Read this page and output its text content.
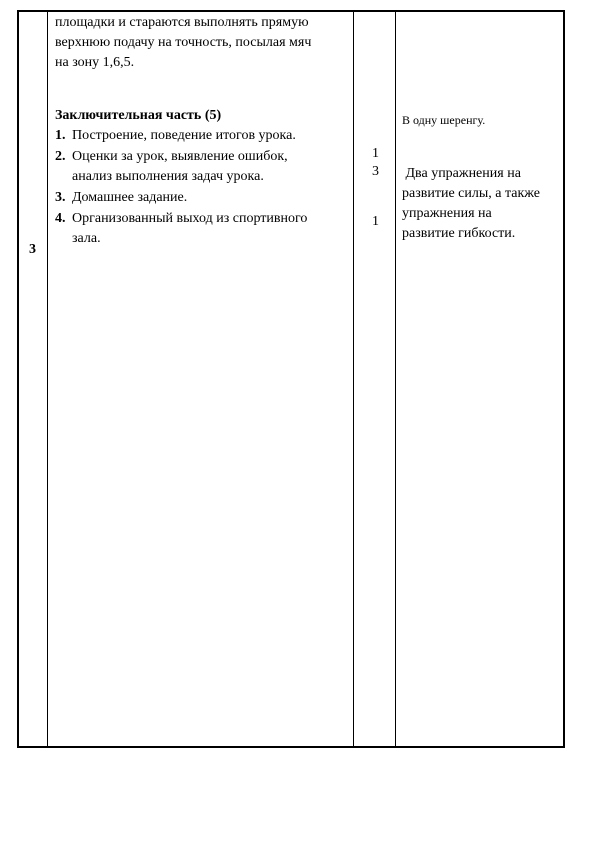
3
площадки и стараются выполнять прямую
верхнюю подачу на точность, посылая мяч
на зону 1,6,5.
Заключительная часть (5)
1. Построение, поведение итогов урока.
2. Оценки за урок, выявление ошибок,
анализ выполнения задач урока.
3. Домашнее задание.
4. Организованный выход из спортивного
зала.
1
3
1
В одну шеренгу.
Два упражнения на
развитие силы, а также
упражнения на
развитие гибкости.
